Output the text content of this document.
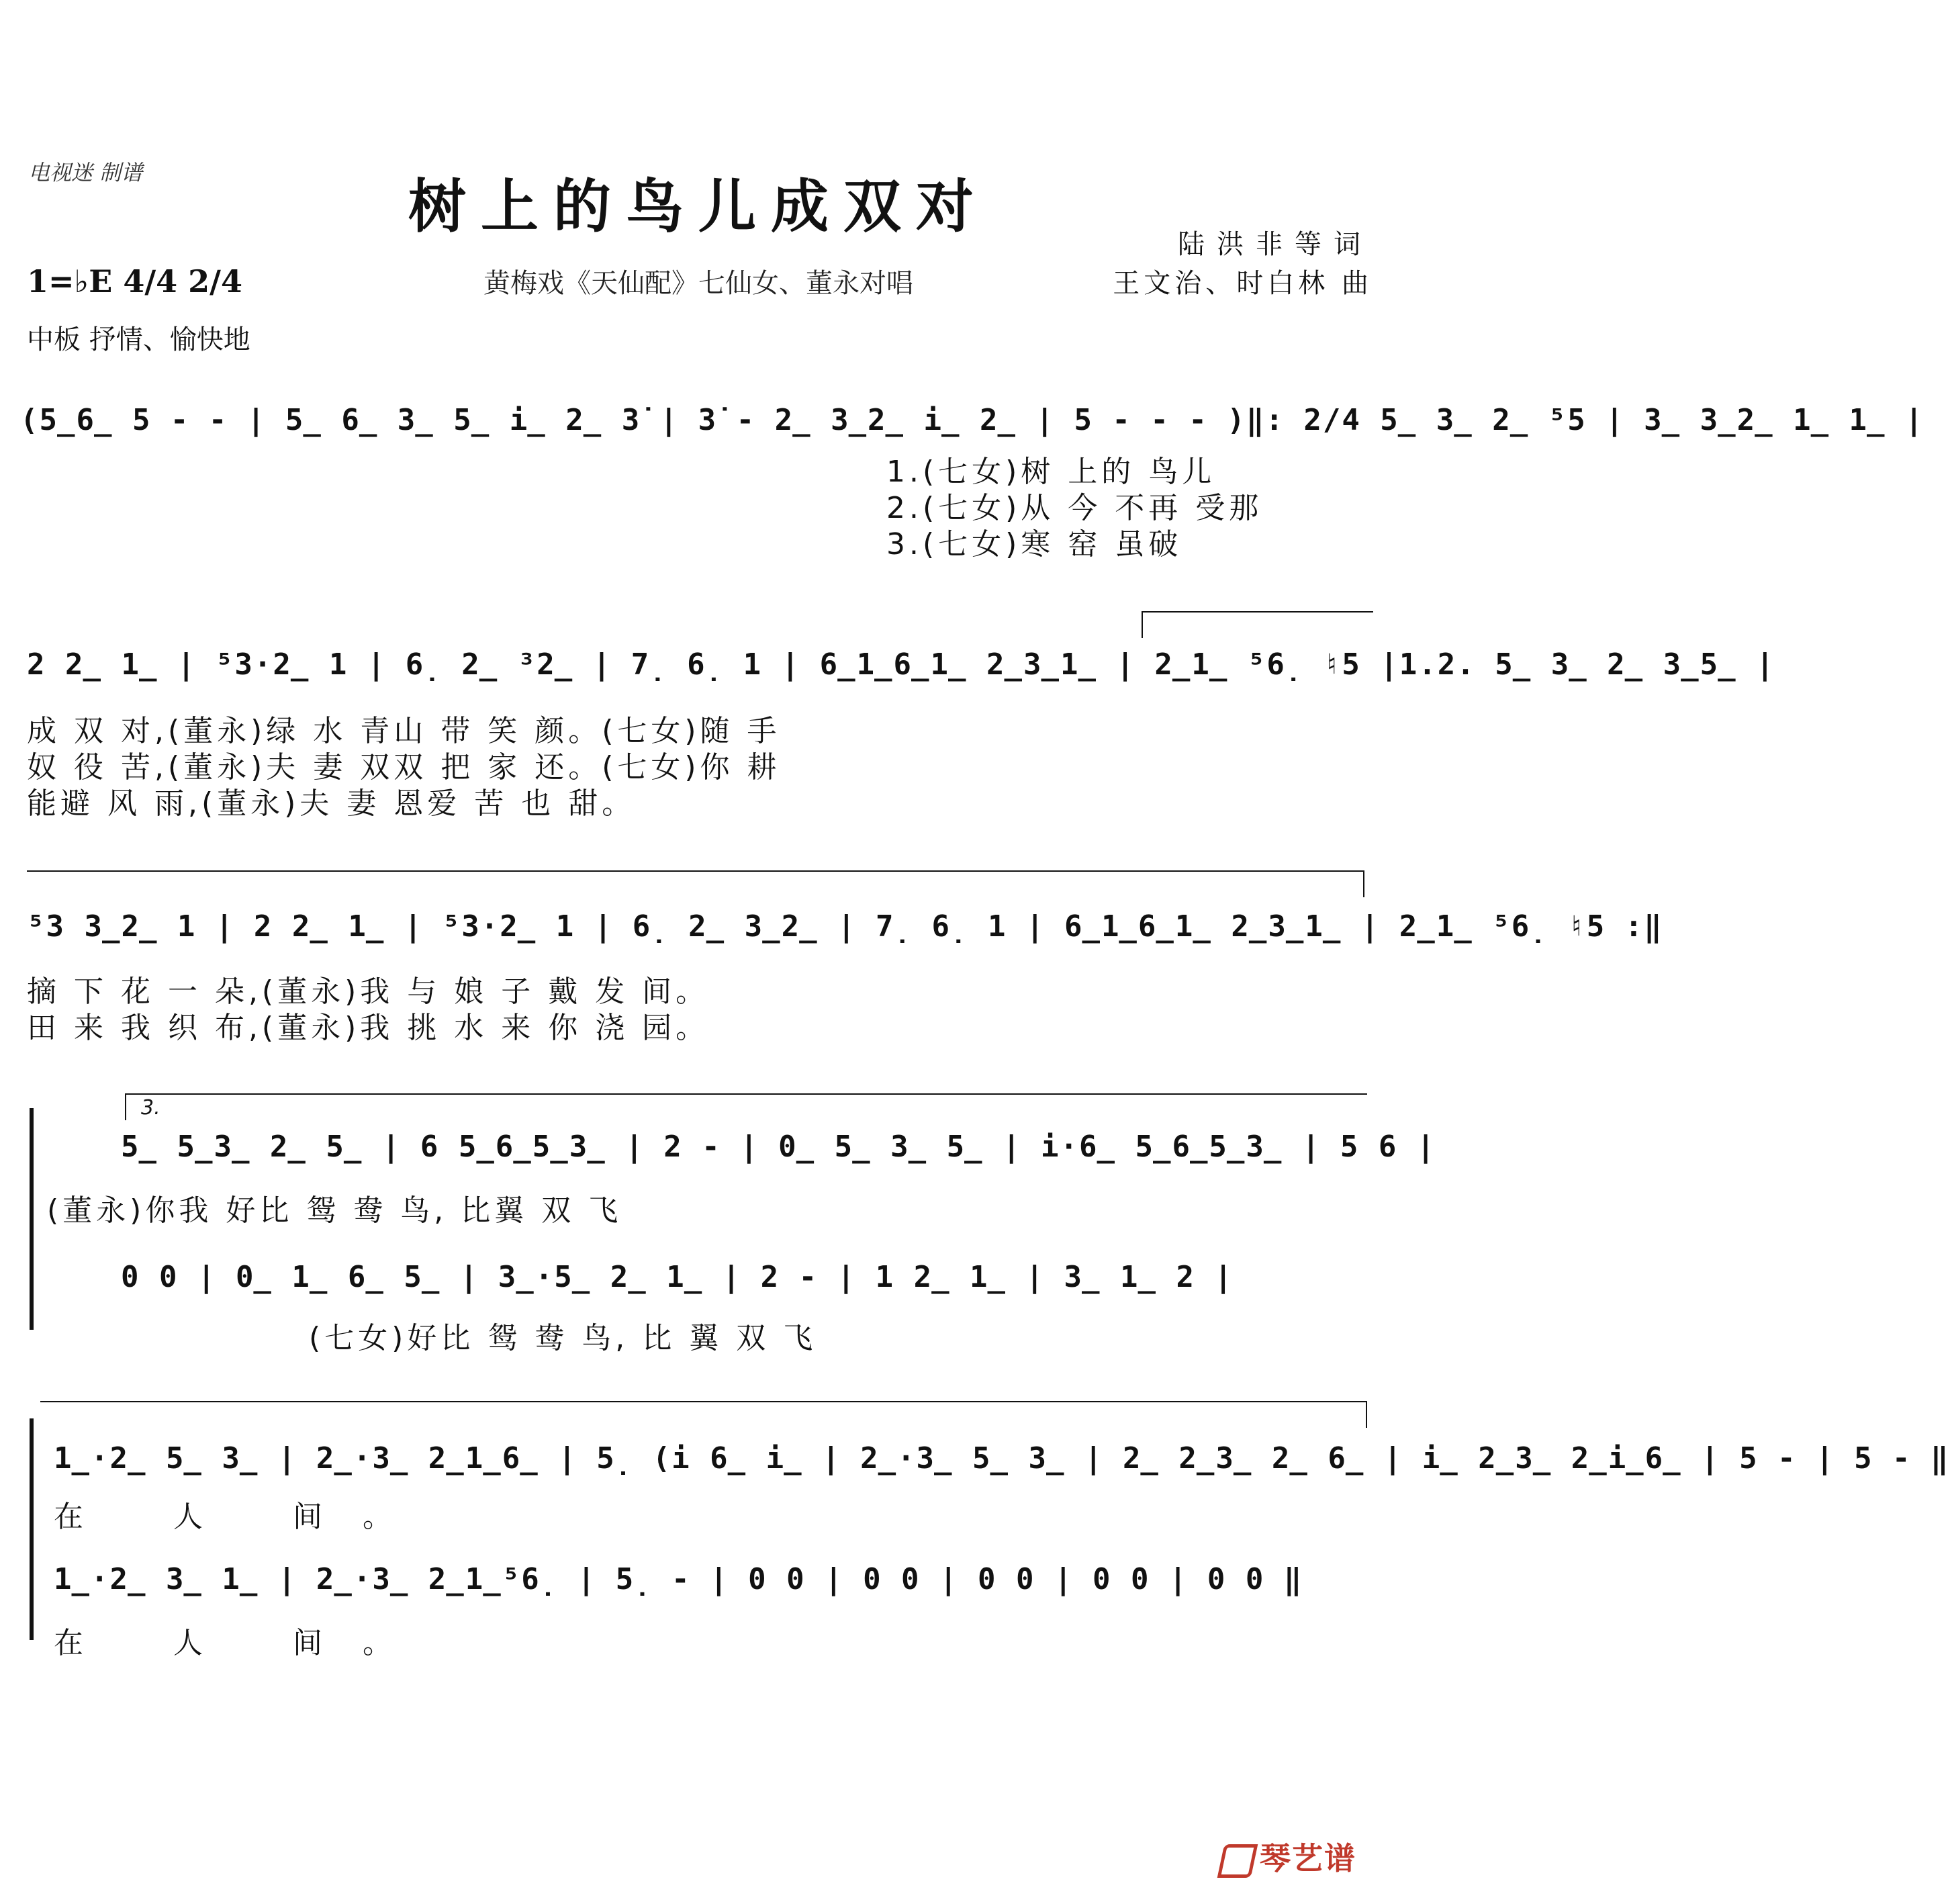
电视迷 制谱	树上的鸟儿成双对
陆洪非等词
黄梅戏《天仙配》七仙女、董永对唱	王文治、时白林 曲
1=♭E 4/4 2/4
中板 抒情、愉快地
(5̲6̲ 5 - - | 5̲ 6̲ 3̲ 5̲ i̲ 2̲ 3̇ | 3̇ - 2̲ 3̲2̲ i̲ 2̲ | 5 - - - )‖: 2/4 5̲ 3̲ 2̲ ⁵5 | 3̲ 3̲2̲ 1̲ 1̲ |
1.(七女)树 上的 鸟儿
2.(七女)从 今 不再 受那
3.(七女)寒 窑 虽破
2 2̲ 1̲ | ⁵3·2̲ 1 | 6̣ 2̲ ³2̲ | 7̣ 6̣ 1 | 6̲1̲6̲1̲ 2̲3̲1̲ | 2̲1̲ ⁵6̣ ♮5 |1.2. 5̲ 3̲ 2̲ 3̲5̲ |
成 双 对,(董永)绿 水 青山 带 笑 颜。(七女)随 手
奴 役 苦,(董永)夫 妻 双双 把 家 还。(七女)你 耕
能避 风 雨,(董永)夫 妻 恩爱 苦 也 甜。
⁵3 3̲2̲ 1 | 2 2̲ 1̲ | ⁵3·2̲ 1 | 6̣ 2̲ 3̲2̲ | 7̣ 6̣ 1 | 6̲1̲6̲1̲ 2̲3̲1̲ | 2̲1̲ ⁵6̣ ♮5 :‖
摘 下 花 一 朵,(董永)我 与 娘 子 戴 发 间。
田 来 我 织 布,(董永)我 挑 水 来 你 浇 园。
3.
5̲ 5̲3̲ 2̲ 5̲ | 6 5̲6̲5̲3̲ | 2 - | 0̲ 5̲ 3̲ 5̲ | i·6̲ 5̲6̲5̲3̲ | 5 6 |
(董永)你我 好比 鸳 鸯 鸟, 比翼 双 飞
0 0 | 0̲ 1̲ 6̲ 5̲ | 3̲·5̲ 2̲ 1̲ | 2 - | 1 2̲ 1̲ | 3̲ 1̲ 2 |
(七女)好比 鸳 鸯 鸟, 比 翼 双 飞
1̲·2̲ 5̲ 3̲ | 2̲·3̲ 2̲1̲6̲ | 5̣ (i 6̲ i̲ | 2̲·3̲ 5̲ 3̲ | 2̲ 2̲3̲ 2̲ 6̲ | i̲ 2̲3̲ 2̲i̲6̲ | 5 - | 5 - ‖
在 人 间。
1̲·2̲ 3̲ 1̲ | 2̲·3̲ 2̲1̲⁵6̣ | 5̣ - | 0 0 | 0 0 | 0 0 | 0 0 | 0 0 ‖
在 人 间。
琴艺谱
